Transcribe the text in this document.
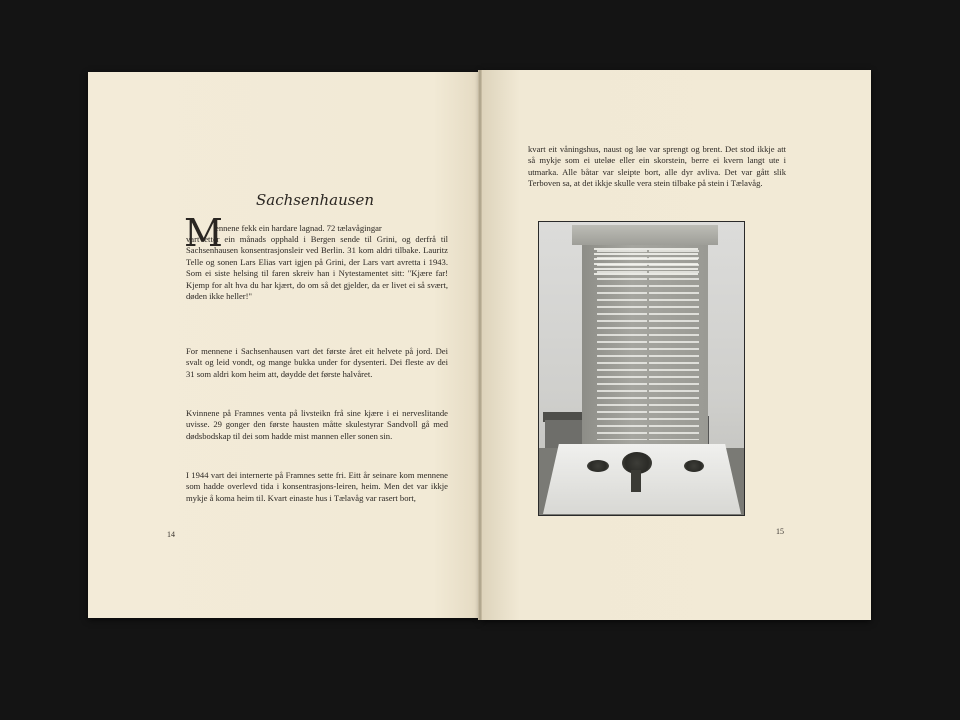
M
ennene fekk ein hardare lagnad. 72 tælavågingar

vart etter ein månads opphald i Bergen sende til Grini, og derfrå til Sachsenhausen konsentrasjonsleir ved Berlin. 31 kom aldri tilbake. Lauritz Telle og sonen Lars Elias vart igjen på Grini, der Lars vart avretta i 1943. Som ei siste helsing til faren skreiv han i Nytestamentet sitt: "Kjære far! Kjemp for alt hva du har kjært, do om så det gjelder, da er livet ei så svært, døden ikke heller!"

For mennene i Sachsenhausen vart det første året eit helvete på jord. Dei svalt og leid vondt, og mange bukka under for dysenteri. Dei fleste av dei 31 som aldri kom heim att, døydde det første halvåret.

Kvinnene på Framnes venta på livsteikn frå sine kjære i ei nerveslitande uvisse. 29 gonger den første hausten måtte skulestyrar Sandvoll gå med dødsbodskap til dei som hadde mist mannen eller sonen sin.

I 1944 vart dei internerte på Framnes sette fri. Eitt år seinare kom mennene som hadde overlevd tida i konsentrasjons-leiren, heim. Men det var ikkje mykje å koma heim til. Kvart einaste hus i Tælavåg var rasert bort,

14

kvart eit våningshus, naust og løe var sprengt og brent. Det stod ikkje att så mykje som ei uteløe eller ein skorstein, berre ei kvern langt ute i utmarka. Alle båtar var sleipte bort, alle dyr avliva. Det var gått slik Terboven sa, at det ikkje skulle vera stein tilbake på stein i Tælavåg.

15
